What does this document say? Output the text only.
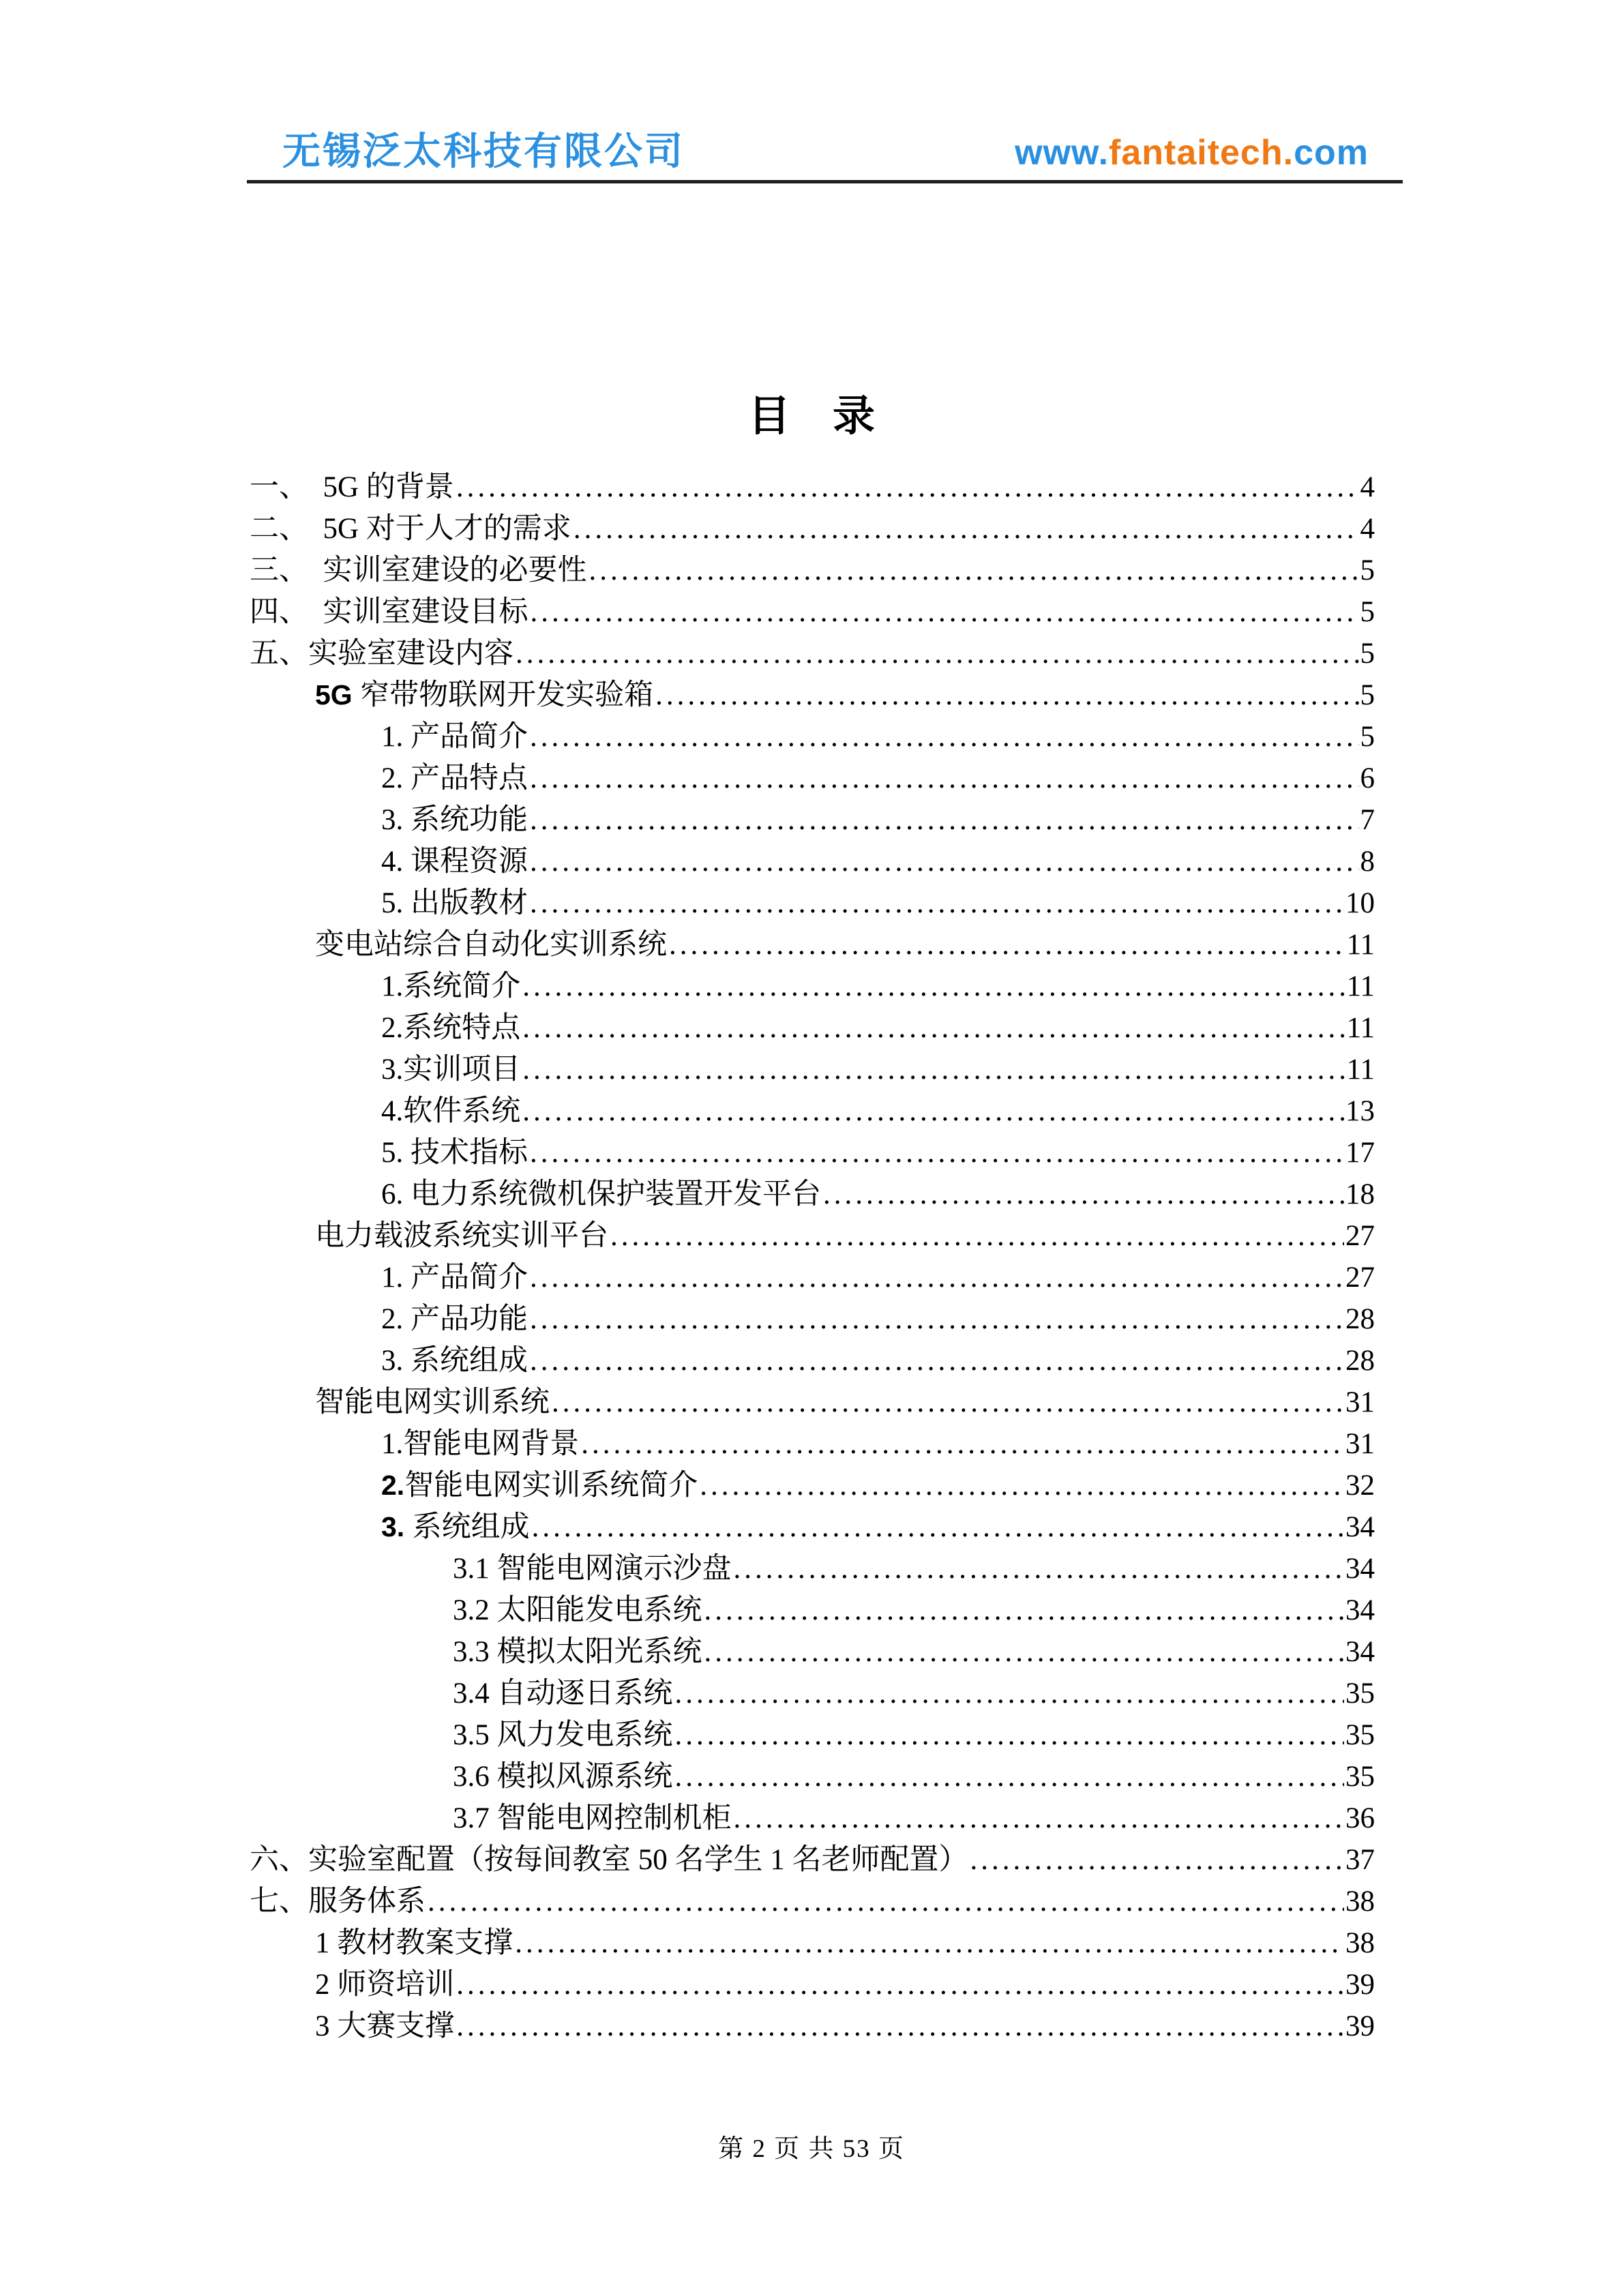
无锡泛太科技有限公司	www.fantaitech.com
目　录
一、　5G 的背景 .....	4
二、　5G 对于人才的需求 .....	4
三、　实训室建设的必要性 .....	5
四、　实训室建设目标 .....	5
五、实验室建设内容 .....	5
5G 窄带物联网开发实验箱 .....	5
1. 产品简介 .....	5
2. 产品特点 .....	6
3. 系统功能 .....	7
4. 课程资源 .....	8
5. 出版教材 .....	10
变电站综合自动化实训系统 .....	11
1.系统简介 .....	11
2.系统特点 .....	11
3.实训项目 .....	11
4.软件系统 .....	13
5. 技术指标 .....	17
6. 电力系统微机保护装置开发平台 .....	18
电力载波系统实训平台 .....	27
1. 产品简介 .....	27
2. 产品功能 .....	28
3. 系统组成 .....	28
智能电网实训系统 .....	31
1.智能电网背景 .....	31
2. 智能电网实训系统简介 .....	32
3. 系统组成 .....	34
3.1 智能电网演示沙盘 .....	34
3.2 太阳能发电系统 .....	34
3.3 模拟太阳光系统 .....	34
3.4 自动逐日系统 .....	35
3.5 风力发电系统 .....	35
3.6 模拟风源系统 .....	35
3.7 智能电网控制机柜 .....	36
六、实验室配置（按每间教室 50 名学生 1 名老师配置） .....	37
七、服务体系 .....	38
1 教材教案支撑 .....	38
2 师资培训 .....	39
3 大赛支撑 .....	39
第 2 页 共 53 页
